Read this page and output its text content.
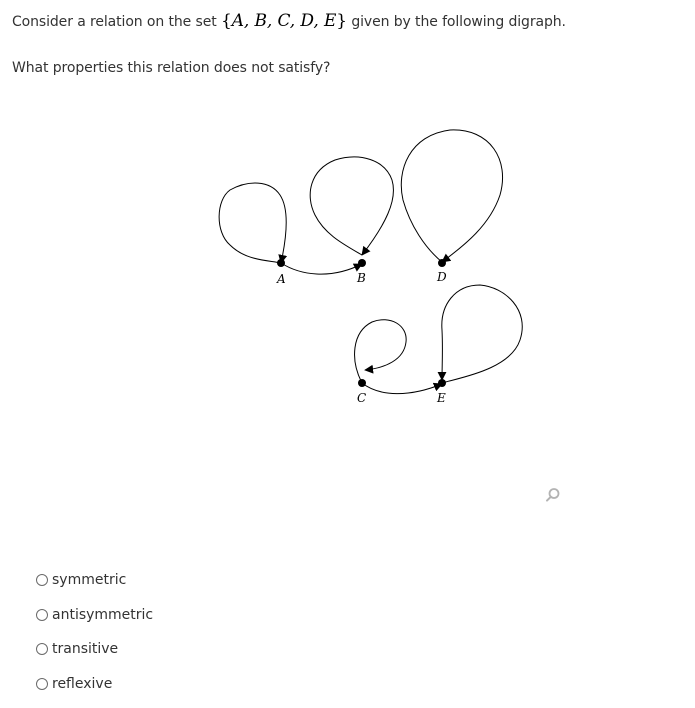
Consider a relation on the set {A, B, C, D, E} given by the following digraph.
What properties this relation does not satisfy?
A	B	D
C	E
symmetric
antisymmetric
transitive
reflexive
